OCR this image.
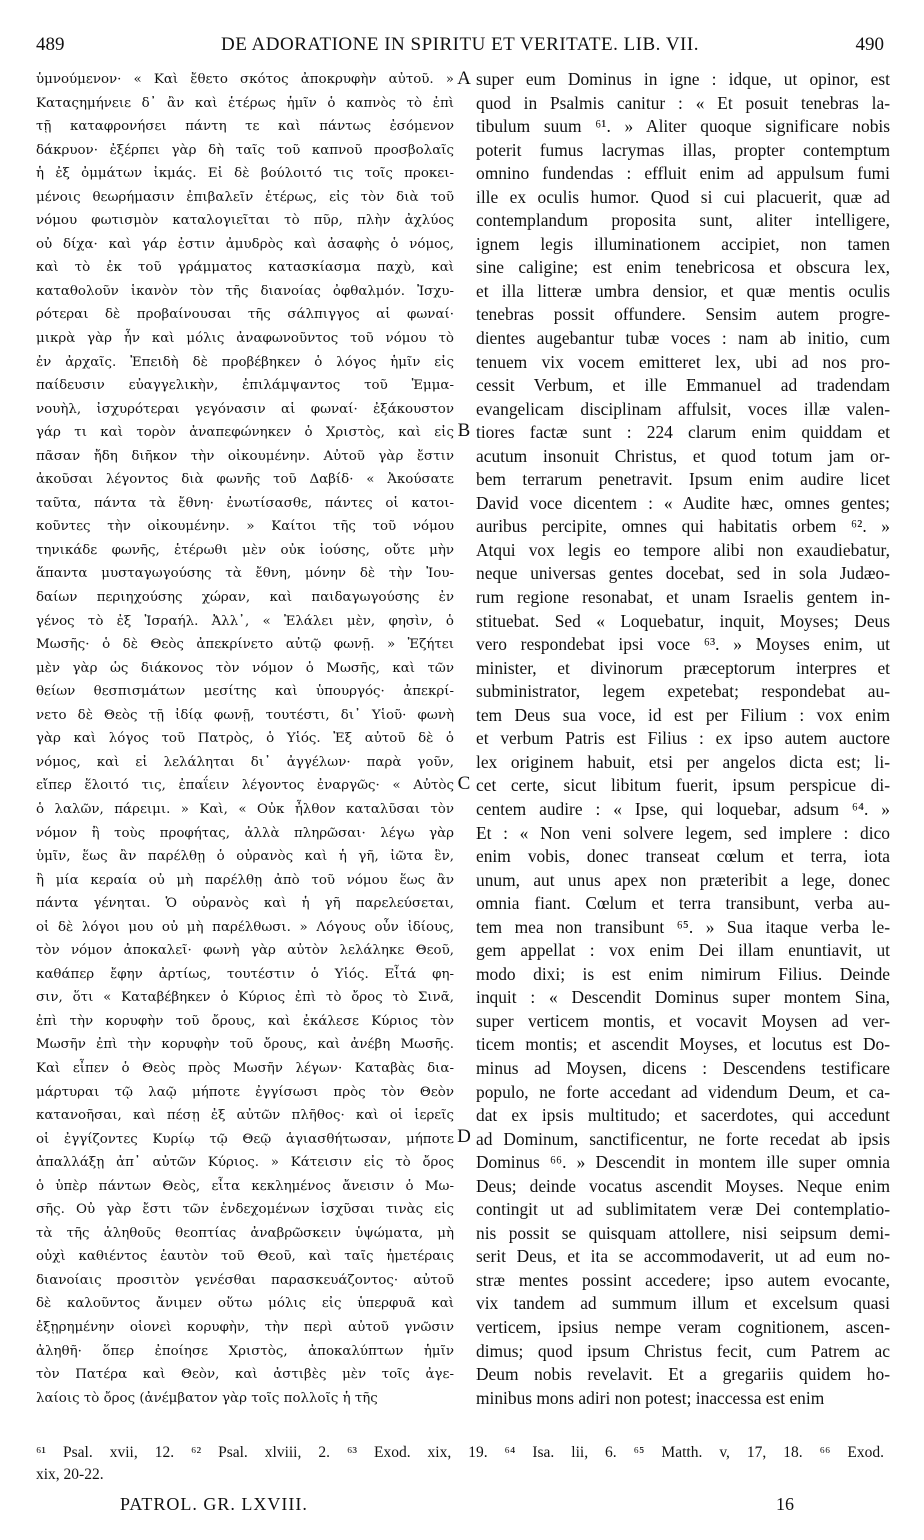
489	DE ADORATIONE IN SPIRITU ET VERITATE. LIB. VII.	490
ὑμνούμενον· « Καὶ ἔθετο σκότος ἀποκρυφὴν αὐτοῦ. »
Καταςημήνειε δ᾽ ἂν καὶ ἑτέρως ἡμῖν ὁ καπνὸς τὸ ἐπὶ
τῇ καταφρονήσει πάντη τε καὶ πάντως ἐσόμενον
δάκρυον· ἐξέρπει γὰρ δὴ ταῖς τοῦ καπνοῦ προσβολαῖς
ἡ ἐξ ὀμμάτων ἰκμάς. Εἰ δὲ βούλοιτό τις τοῖς προκει-
μένοις θεωρήμασιν ἐπιβαλεῖν ἑτέρως, εἰς τὸν διὰ τοῦ
νόμου φωτισμὸν καταλογιεῖται τὸ πῦρ, πλὴν ἀχλύος
οὐ δίχα· καὶ γάρ ἐστιν ἀμυδρὸς καὶ ἀσαφὴς ὁ νόμος,
καὶ τὸ ἐκ τοῦ γράμματος κατασκίασμα παχὺ, καὶ
καταθολοῦν ἱκανὸν τὸν τῆς διανοίας ὀφθαλμόν. Ἰσχυ-
ρότεραι δὲ προβαίνουσαι τῆς σάλπιγγος αἱ φωναί·
μικρὰ γὰρ ἦν καὶ μόλις ἀναφωνοῦντος τοῦ νόμου τὸ
ἐν ἀρχαῖς. Ἐπειδὴ δὲ προβέβηκεν ὁ λόγος ἡμῖν εἰς
παίδευσιν εὐαγγελικὴν, ἐπιλάμψαντος τοῦ Ἐμμα-
νουὴλ, ἰσχυρότεραι γεγόνασιν αἱ φωναί· ἐξάκουστον
γάρ τι καὶ τορὸν ἀναπεφώνηκεν ὁ Χριστὸς, καὶ εἰς
πᾶσαν ἤδη διῆκον τὴν οἰκουμένην. Αὐτοῦ γὰρ ἔστιν
ἀκοῦσαι λέγοντος διὰ φωνῆς τοῦ Δαβίδ· « Ἀκούσατε
ταῦτα, πάντα τὰ ἔθνη· ἐνωτίσασθε, πάντες οἱ κατοι-
κοῦντες τὴν οἰκουμένην. » Καίτοι τῆς τοῦ νόμου
τηνικάδε φωνῆς, ἑτέρωθι μὲν οὐκ ἰούσης, οὔτε μὴν
ἅπαντα μυσταγωγούσης τὰ ἔθνη, μόνην δὲ τὴν Ἰου-
δαίων περιηχούσης χώραν, καὶ παιδαγωγούσης ἐν
γένος τὸ ἐξ Ἰσραήλ. Ἀλλ᾽, « Ἐλάλει μὲν, φησὶν, ὁ
Μωσῆς· ὁ δὲ Θεὸς ἀπεκρίνετο αὐτῷ φωνῇ. » Ἐζήτει
μὲν γὰρ ὡς διάκονος τὸν νόμον ὁ Μωσῆς, καὶ τῶν
θείων θεσπισμάτων μεσίτης καὶ ὑπουργός· ἀπεκρί-
νετο δὲ Θεὸς τῇ ἰδίᾳ φωνῇ, τουτέστι, δι᾽ Υἱοῦ· φωνὴ
γὰρ καὶ λόγος τοῦ Πατρὸς, ὁ Υἱός. Ἐξ αὐτοῦ δὲ ὁ
νόμος, καὶ εἰ λελάληται δι᾽ ἀγγέλων· παρὰ γοῦν,
εἴπερ ἕλοιτό τις, ἐπαΐειν λέγοντος ἐναργῶς· « Αὐτὸς
ὁ λαλῶν, πάρειμι. » Καὶ, « Οὐκ ἦλθον καταλῦσαι τὸν
νόμον ἢ τοὺς προφήτας, ἀλλὰ πληρῶσαι· λέγω γὰρ
ὑμῖν, ἕως ἂν παρέλθῃ ὁ οὐρανὸς καὶ ἡ γῆ, ἰῶτα ἓν,
ἢ μία κεραία οὐ μὴ παρέλθῃ ἀπὸ τοῦ νόμου ἕως ἂν
πάντα γένηται. Ὁ οὐρανὸς καὶ ἡ γῆ παρελεύσεται,
οἱ δὲ λόγοι μου οὐ μὴ παρέλθωσι. » Λόγους οὖν ἰδίους,
τὸν νόμον ἀποκαλεῖ· φωνὴ γὰρ αὐτὸν λελάληκε Θεοῦ,
καθάπερ ἔφην ἀρτίως, τουτέστιν ὁ Υἱός. Εἶτά φη-
σιν, ὅτι « Καταβέβηκεν ὁ Κύριος ἐπὶ τὸ ὄρος τὸ Σινᾶ,
ἐπὶ τὴν κορυφὴν τοῦ ὄρους, καὶ ἐκάλεσε Κύριος τὸν
Μωσῆν ἐπὶ τὴν κορυφὴν τοῦ ὄρους, καὶ ἀνέβη Μωσῆς.
Καὶ εἶπεν ὁ Θεὸς πρὸς Μωσῆν λέγων· Καταβὰς δια-
μάρτυραι τῷ λαῷ μήποτε ἐγγίσωσι πρὸς τὸν Θεὸν
κατανοῆσαι, καὶ πέσῃ ἐξ αὐτῶν πλῆθος· καὶ οἱ ἱερεῖς
οἱ ἐγγίζοντες Κυρίῳ τῷ Θεῷ ἁγιασθήτωσαν, μήποτε
ἀπαλλάξῃ ἀπ᾽ αὐτῶν Κύριος. » Κάτεισιν εἰς τὸ ὄρος
ὁ ὑπὲρ πάντων Θεὸς, εἶτα κεκλημένος ἄνεισιν ὁ Μω-
σῆς. Οὐ γὰρ ἔστι τῶν ἐνδεχομένων ἰσχῦσαι τινὰς εἰς
τὰ τῆς ἀληθοῦς θεοπτίας ἀναβρῶσκειν ὑψώματα, μὴ
οὐχὶ καθιέντος ἑαυτὸν τοῦ Θεοῦ, καὶ ταῖς ἡμετέραις
διανοίαις προσιτὸν γενέσθαι παρασκευάζοντος· αὐτοῦ
δὲ καλοῦντος ἄνιμεν οὕτω μόλις εἰς ὑπερφυᾶ καὶ
ἐξῃρημένην οἱονεὶ κορυφὴν, τὴν περὶ αὐτοῦ γνῶσιν
ἀληθῆ· ὅπερ ἐποίησε Χριστὸς, ἀποκαλύπτων ἡμῖν
τὸν Πατέρα καὶ Θεὸν, καὶ ἀστιβὲς μὲν τοῖς ἀγε-
λαίοις τὸ ὄρος (ἀνέμβατον γὰρ τοῖς πολλοῖς ἡ τῆς
A
B
C
D
super eum Dominus in igne : idque, ut opinor, est
quod in Psalmis canitur : « Et posuit tenebras la-
tibulum suum ⁶¹. » Aliter quoque significare nobis
poterit fumus lacrymas illas, propter contemptum
omnino fundendas : effluit enim ad appulsum fumi
ille ex oculis humor. Quod si cui placuerit, quæ ad
contemplandum proposita sunt, aliter intelligere,
ignem legis illuminationem accipiet, non tamen
sine caligine; est enim tenebricosa et obscura lex,
et illa litteræ umbra densior, et quæ mentis oculis
tenebras possit offundere. Sensim autem progre-
dientes augebantur tubæ voces : nam ab initio, cum
tenuem vix vocem emitteret lex, ubi ad nos pro-
cessit Verbum, et ille Emmanuel ad tradendam
evangelicam disciplinam affulsit, voces illæ valen-
tiores factæ sunt : 224 clarum enim quiddam et
acutum insonuit Christus, et quod totum jam or-
bem terrarum penetravit. Ipsum enim audire licet
David voce dicentem : « Audite hæc, omnes gentes;
auribus percipite, omnes qui habitatis orbem ⁶². »
Atqui vox legis eo tempore alibi non exaudiebatur,
neque universas gentes docebat, sed in sola Judæo-
rum regione resonabat, et unam Israelis gentem in-
stituebat. Sed « Loquebatur, inquit, Moyses; Deus
vero respondebat ipsi voce ⁶³. » Moyses enim, ut
minister, et divinorum præceptorum interpres et
subministrator, legem expetebat; respondebat au-
tem Deus sua voce, id est per Filium : vox enim
et verbum Patris est Filius : ex ipso autem auctore
lex originem habuit, etsi per angelos dicta est; li-
cet certe, sicut libitum fuerit, ipsum perspicue di-
centem audire : « Ipse, qui loquebar, adsum ⁶⁴. »
Et : « Non veni solvere legem, sed implere : dico
enim vobis, donec transeat cœlum et terra, iota
unum, aut unus apex non præteribit a lege, donec
omnia fiant. Cœlum et terra transibunt, verba au-
tem mea non transibunt ⁶⁵. » Sua itaque verba le-
gem appellat : vox enim Dei illam enuntiavit, ut
modo dixi; is est enim nimirum Filius. Deinde
inquit : « Descendit Dominus super montem Sina,
super verticem montis, et vocavit Moysen ad ver-
ticem montis; et ascendit Moyses, et locutus est Do-
minus ad Moysen, dicens : Descendens testificare
populo, ne forte accedant ad videndum Deum, et ca-
dat ex ipsis multitudo; et sacerdotes, qui accedunt
ad Dominum, sanctificentur, ne forte recedat ab ipsis
Dominus ⁶⁶. » Descendit in montem ille super omnia
Deus; deinde vocatus ascendit Moyses. Neque enim
contingit ut ad sublimitatem veræ Dei contemplatio-
nis possit se quisquam attollere, nisi seipsum demi-
serit Deus, et ita se accommodaverit, ut ad eum no-
stræ mentes possint accedere; ipso autem evocante,
vix tandem ad summum illum et excelsum quasi
verticem, ipsius nempe veram cognitionem, ascen-
dimus; quod ipsum Christus fecit, cum Patrem ac
Deum nobis revelavit. Et a gregariis quidem ho-
minibus mons adiri non potest; inaccessa est enim
⁶¹ Psal. xvii, 12. ⁶² Psal. xlviii, 2. ⁶³ Exod. xix, 19. ⁶⁴ Isa. lii, 6. ⁶⁵ Matth. v, 17, 18. ⁶⁶ Exod.
xix, 20-22.
PATROL. GR. LXVIII.	16
